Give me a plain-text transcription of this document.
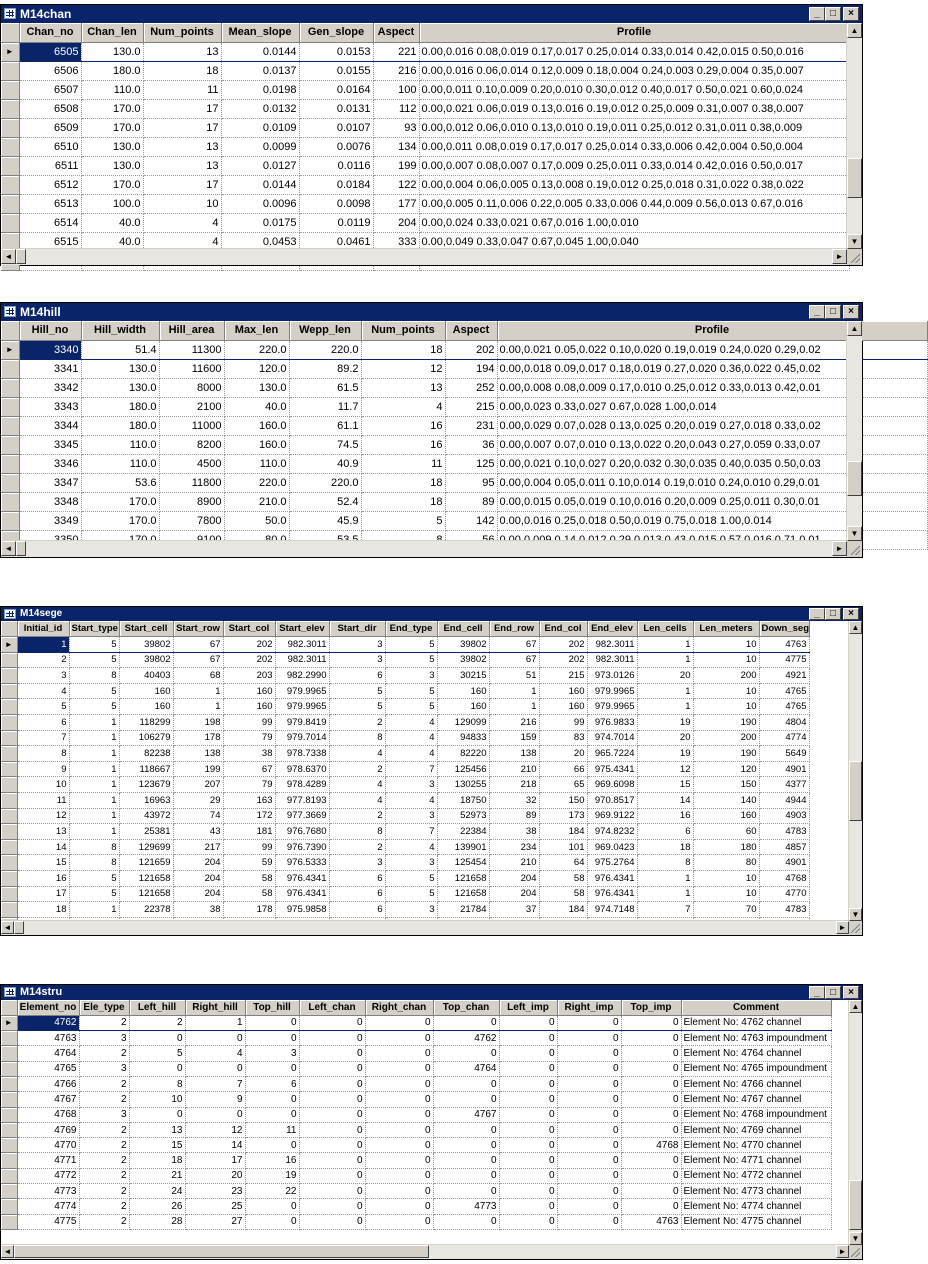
M14chan	_	□	×
	Chan_no	Chan_len	Num_points	Mean_slope	Gen_slope	Aspect	Profile
►	6505	130.0	13	0.0144	0.0153	221	0.00,0.016 0.08,0.019 0.17,0.017 0.25,0.014 0.33,0.014 0.42,0.015 0.50,0.016
	6506	180.0	18	0.0137	0.0155	216	0.00,0.016 0.06,0.014 0.12,0.009 0.18,0.004 0.24,0.003 0.29,0.004 0.35,0.007
	6507	110.0	11	0.0198	0.0164	100	0.00,0.011 0.10,0.009 0.20,0.010 0.30,0.012 0.40,0.017 0.50,0.021 0.60,0.024
	6508	170.0	17	0.0132	0.0131	112	0.00,0.021 0.06,0.019 0.13,0.016 0.19,0.012 0.25,0.009 0.31,0.007 0.38,0.007
	6509	170.0	17	0.0109	0.0107	93	0.00,0.012 0.06,0.010 0.13,0.010 0.19,0.011 0.25,0.012 0.31,0.011 0.38,0.009
	6510	130.0	13	0.0099	0.0076	134	0.00,0.011 0.08,0.019 0.17,0.017 0.25,0.014 0.33,0.006 0.42,0.004 0.50,0.004
	6511	130.0	13	0.0127	0.0116	199	0.00,0.007 0.08,0.007 0.17,0.009 0.25,0.011 0.33,0.014 0.42,0.016 0.50,0.017
	6512	170.0	17	0.0144	0.0184	122	0.00,0.004 0.06,0.005 0.13,0.008 0.19,0.012 0.25,0.018 0.31,0.022 0.38,0.022
	6513	100.0	10	0.0096	0.0098	177	0.00,0.005 0.11,0.006 0.22,0.005 0.33,0.006 0.44,0.009 0.56,0.013 0.67,0.016
	6514	40.0	4	0.0175	0.0119	204	0.00,0.024 0.33,0.021 0.67,0.016 1.00,0.010
	6515	40.0	4	0.0453	0.0461	333	0.00,0.049 0.33,0.047 0.67,0.045 1.00,0.040

▲
▼
◄	►
M14hill	_	□	×
	Hill_no	Hill_width	Hill_area	Max_len	Wepp_len	Num_points	Aspect	Profile
►	3340	51.4	11300	220.0	220.0	18	202	0.00,0.021 0.05,0.022 0.10,0.020 0.19,0.019 0.24,0.020 0.29,0.02
	3341	130.0	11600	120.0	89.2	12	194	0.00,0.018 0.09,0.017 0.18,0.019 0.27,0.020 0.36,0.022 0.45,0.02
	3342	130.0	8000	130.0	61.5	13	252	0.00,0.008 0.08,0.009 0.17,0.010 0.25,0.012 0.33,0.013 0.42,0.01
	3343	180.0	2100	40.0	11.7	4	215	0.00,0.023 0.33,0.027 0.67,0.028 1.00,0.014
	3344	180.0	11000	160.0	61.1	16	231	0.00,0.029 0.07,0.028 0.13,0.025 0.20,0.019 0.27,0.018 0.33,0.02
	3345	110.0	8200	160.0	74.5	16	36	0.00,0.007 0.07,0.010 0.13,0.022 0.20,0.043 0.27,0.059 0.33,0.07
	3346	110.0	4500	110.0	40.9	11	125	0.00,0.021 0.10,0.027 0.20,0.032 0.30,0.035 0.40,0.035 0.50,0.03
	3347	53.6	11800	220.0	220.0	18	95	0.00,0.004 0.05,0.011 0.10,0.014 0.19,0.010 0.24,0.010 0.29,0.01
	3348	170.0	8900	210.0	52.4	18	89	0.00,0.015 0.05,0.019 0.10,0.016 0.20,0.009 0.25,0.011 0.30,0.01
	3349	170.0	7800	50.0	45.9	5	142	0.00,0.016 0.25,0.018 0.50,0.019 0.75,0.018 1.00,0.014

▲
▼
◄	►
M14sege	_	□	×
	Initial_id	Start_type	Start_cell	Start_row	Start_col	Start_elev	Start_dir	End_type	End_cell	End_row	End_col	End_elev	Len_cells	Len_meters	Down_seg
►	1	5	39802	67	202	982.3011	3	5	39802	67	202	982.3011	1	10	4763
	2	5	39802	67	202	982.3011	3	5	39802	67	202	982.3011	1	10	4775
	3	8	40403	68	203	982.2990	6	3	30215	51	215	973.0126	20	200	4921
	4	5	160	1	160	979.9965	5	5	160	1	160	979.9965	1	10	4765
	5	5	160	1	160	979.9965	5	5	160	1	160	979.9965	1	10	4765
	6	1	118299	198	99	979.8419	2	4	129099	216	99	976.9833	19	190	4804
	7	1	106279	178	79	979.7014	8	4	94833	159	83	974.7014	20	200	4774
	8	1	82238	138	38	978.7338	4	4	82220	138	20	965.7224	19	190	5649
	9	1	118667	199	67	978.6370	2	7	125456	210	66	975.4341	12	120	4901
	10	1	123679	207	79	978.4289	4	3	130255	218	65	969.6098	15	150	4377
	11	1	16963	29	163	977.8193	4	4	18750	32	150	970.8517	14	140	4944
	12	1	43972	74	172	977.3669	2	3	52973	89	173	969.9122	16	160	4903
	13	1	25381	43	181	976.7680	8	7	22384	38	184	974.8232	6	60	4783
	14	8	129699	217	99	976.7390	2	4	139901	234	101	969.0423	18	180	4857
	15	8	121659	204	59	976.5333	3	3	125454	210	64	975.2764	8	80	4901
	16	5	121658	204	58	976.4341	6	5	121658	204	58	976.4341	1	10	4768
	17	5	121658	204	58	976.4341	6	5	121658	204	58	976.4341	1	10	4770
	18	1	22378	38	178	975.9858	6	3	21784	37	184	974.7148	7	70	4783

▲
▼
◄	►
M14stru	_	□	×
	Element_no	Ele_type	Left_hill	Right_hill	Top_hill	Left_chan	Right_chan	Top_chan	Left_imp	Right_imp	Top_imp	Comment
►	4762	2	2	1	0	0	0	0	0	0	0	Element No: 4762 channel
	4763	3	0	0	0	0	0	4762	0	0	0	Element No: 4763 impoundment
	4764	2	5	4	3	0	0	0	0	0	0	Element No: 4764 channel
	4765	3	0	0	0	0	0	4764	0	0	0	Element No: 4765 impoundment
	4766	2	8	7	6	0	0	0	0	0	0	Element No: 4766 channel
	4767	2	10	9	0	0	0	0	0	0	0	Element No: 4767 channel
	4768	3	0	0	0	0	0	4767	0	0	0	Element No: 4768 impoundment
	4769	2	13	12	11	0	0	0	0	0	0	Element No: 4769 channel
	4770	2	15	14	0	0	0	0	0	0	4768	Element No: 4770 channel
	4771	2	18	17	16	0	0	0	0	0	0	Element No: 4771 channel
	4772	2	21	20	19	0	0	0	0	0	0	Element No: 4772 channel
	4773	2	24	23	22	0	0	0	0	0	0	Element No: 4773 channel
	4774	2	26	25	0	0	0	4773	0	0	0	Element No: 4774 channel
	4775	2	28	27	0	0	0	0	0	0	4763	Element No: 4775 channel
▲
▼
◄	►
